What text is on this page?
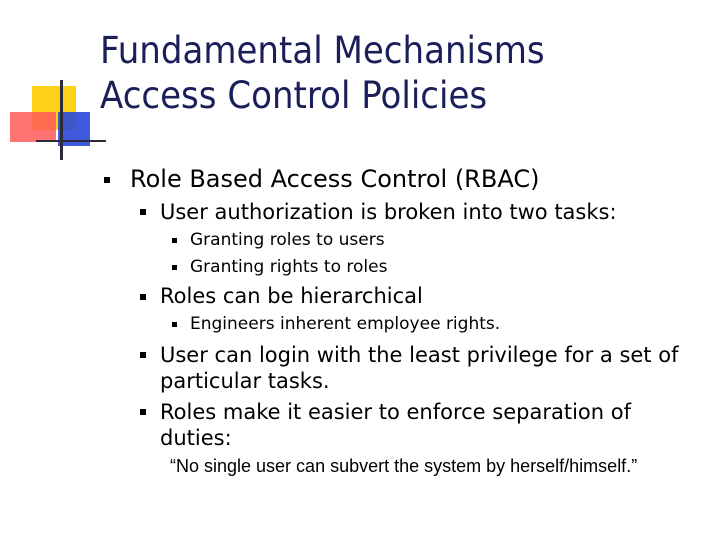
Fundamental Mechanisms
Access Control Policies
Role Based Access Control (RBAC)
User authorization is broken into two tasks:
Granting roles to users
Granting rights to roles
Roles can be hierarchical
Engineers inherent employee rights.
User can login with the least privilege for a set of
particular tasks.
Roles make it easier to enforce separation of
duties:
“No single user can subvert the system by herself/himself.”
